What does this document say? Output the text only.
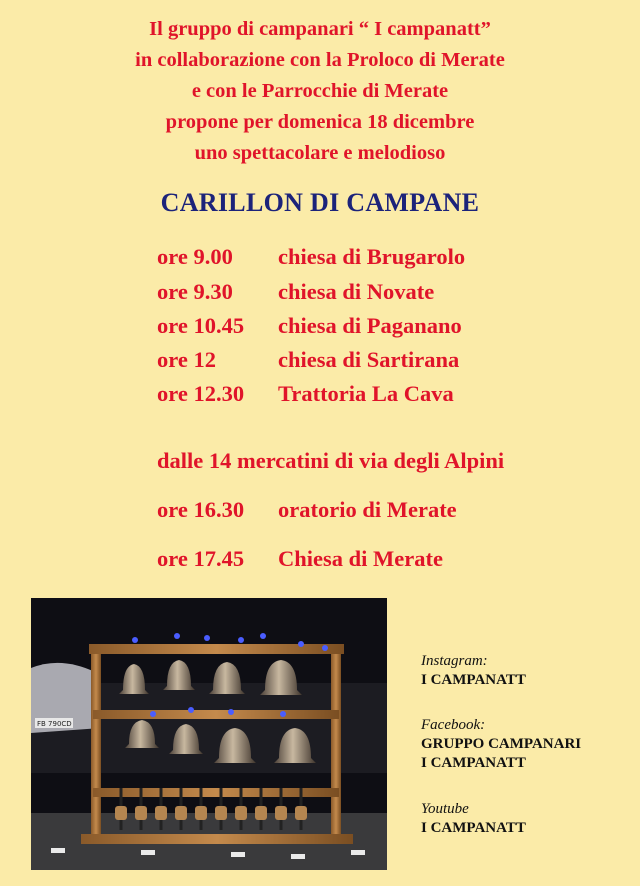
Il gruppo di campanari “ I campanatt”
in collaborazione con la Proloco di Merate
e con le Parrocchie di Merate
propone per domenica 18 dicembre
uno spettacolare e melodioso
CARILLON DI CAMPANE
ore 9.00 chiesa di Brugarolo
ore 9.30 chiesa di Novate
ore 10.45 chiesa di Paganano
ore 12	chiesa di Sartirana
ore 12.30 Trattoria La Cava
dalle 14 mercatini di via degli Alpini
ore 16.30 oratorio di Merate
ore 17.45 Chiesa di Merate
FB 790CD
Instagram:
I CAMPANATT
Facebook:
GRUPPO CAMPANARI
I CAMPANATT
Youtube
I CAMPANATT
